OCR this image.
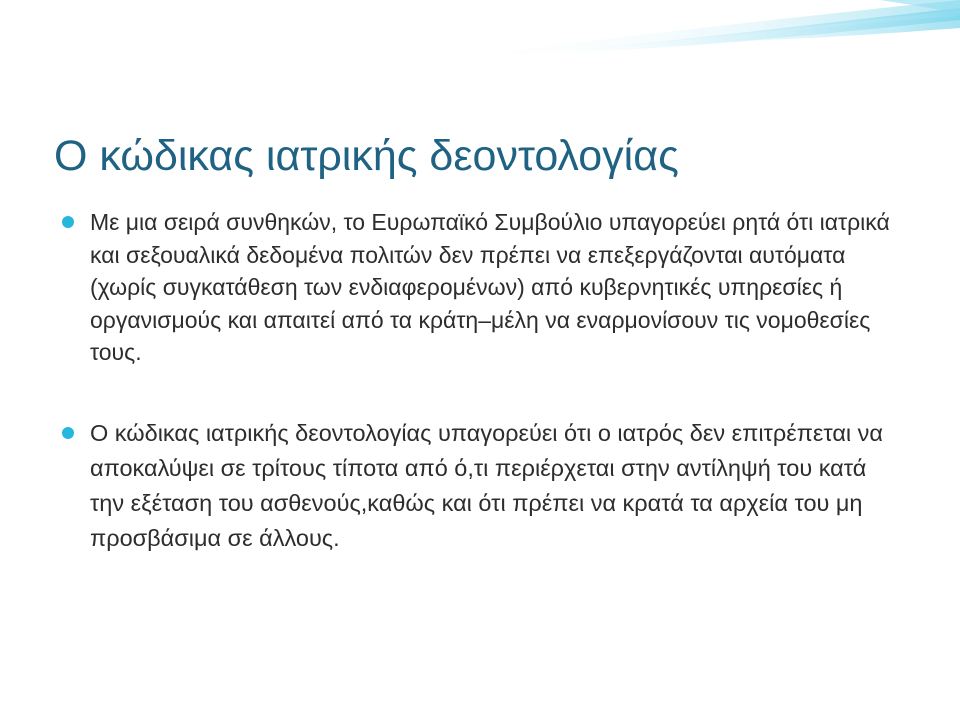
Ο κώδικας ιατρικής δεοντολογίας
Με μια σειρά συνθηκών, το Ευρωπαϊκό Συμβούλιο υπαγορεύει ρητά ότι ιατρικά και σεξουαλικά δεδομένα πολιτών δεν πρέπει να επεξεργάζονται αυτόματα (χωρίς συγκατάθεση των ενδιαφερομένων) από κυβερνητικές υπηρεσίες ή οργανισμούς και απαιτεί από τα κράτη–μέλη να εναρμονίσουν τις νομοθεσίες τους.
Ο κώδικας ιατρικής δεοντολογίας υπαγορεύει ότι ο ιατρός δεν επιτρέπεται να αποκαλύψει σε τρίτους τίποτα από ό,τι περιέρχεται στην αντίληψή του κατά την εξέταση του ασθενούς,καθώς και ότι πρέπει να κρατά τα αρχεία του μη προσβάσιμα σε άλλους.
